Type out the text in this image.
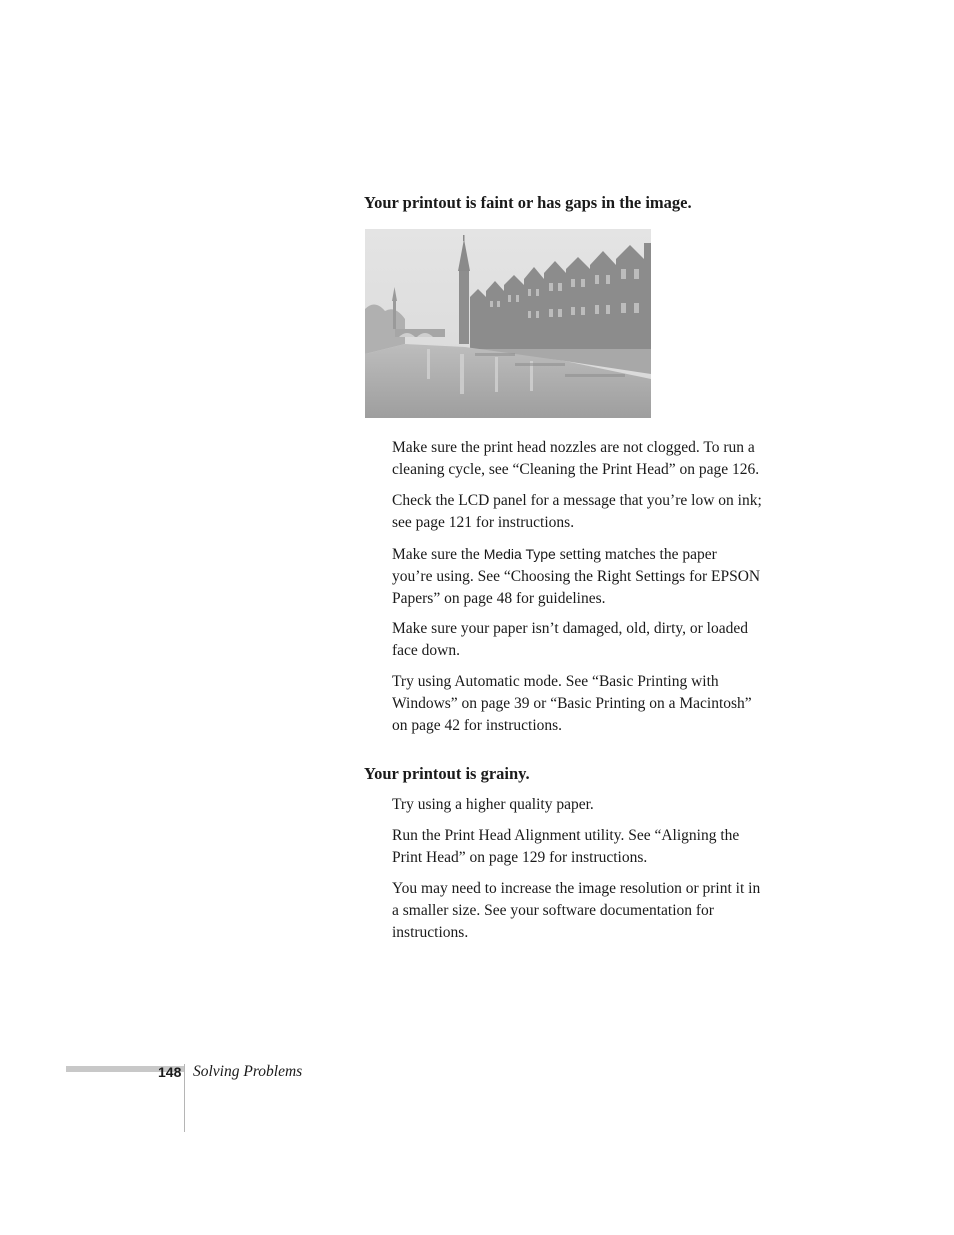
Your printout is faint or has gaps in the image.
Make sure the print head nozzles are not clogged. To run a
cleaning cycle, see “Cleaning the Print Head” on page 126.
Check the LCD panel for a message that you’re low on ink;
see page 121 for instructions.
Make sure the Media Type setting matches the paper
you’re using. See “Choosing the Right Settings for EPSON
Papers” on page 48 for guidelines.
Make sure your paper isn’t damaged, old, dirty, or loaded
face down.
Try using Automatic mode. See “Basic Printing with
Windows” on page 39 or “Basic Printing on a Macintosh”
on page 42 for instructions.
Your printout is grainy.
Try using a higher quality paper.
Run the Print Head Alignment utility. See “Aligning the
Print Head” on page 129 for instructions.
You may need to increase the image resolution or print it in
a smaller size. See your software documentation for
instructions.
148 Solving Problems
